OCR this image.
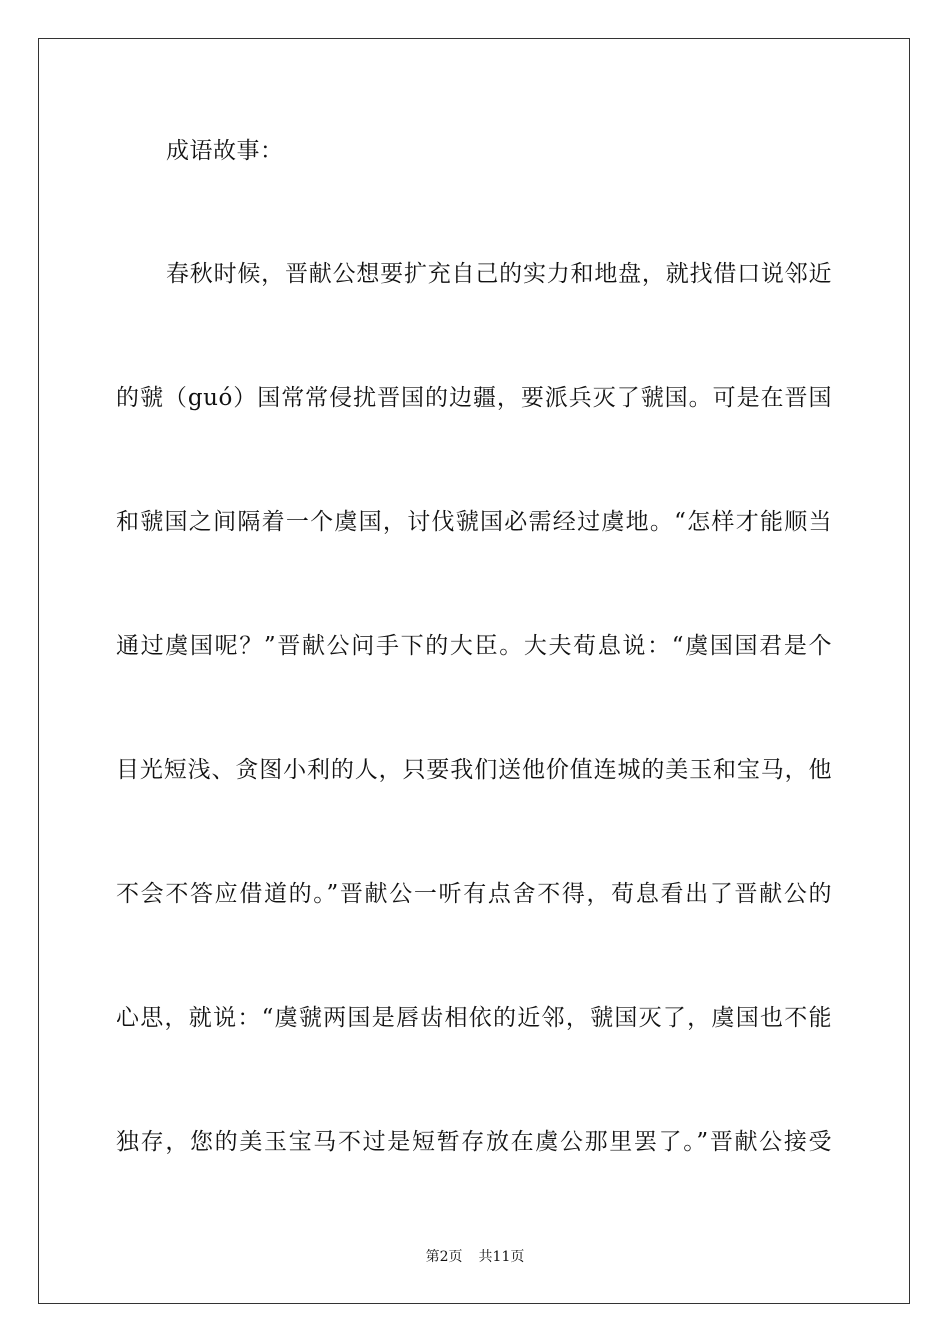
成语故事：
春秋时候，晋献公想要扩充自己的实力和地盘，就找借口说邻近
的虢（guó）国常常侵扰晋国的边疆，要派兵灭了虢国。可是在晋国
和虢国之间隔着一个虞国，讨伐虢国必需经过虞地。“怎样才能顺当
通过虞国呢？”晋献公问手下的大臣。大夫荀息说：“虞国国君是个
目光短浅、贪图小利的人，只要我们送他价值连城的美玉和宝马，他
不会不答应借道的。”晋献公一听有点舍不得，荀息看出了晋献公的
心思，就说：“虞虢两国是唇齿相依的近邻，虢国灭了，虞国也不能
独存，您的美玉宝马不过是短暂存放在虞公那里罢了。”晋献公接受
第2页 共11页
